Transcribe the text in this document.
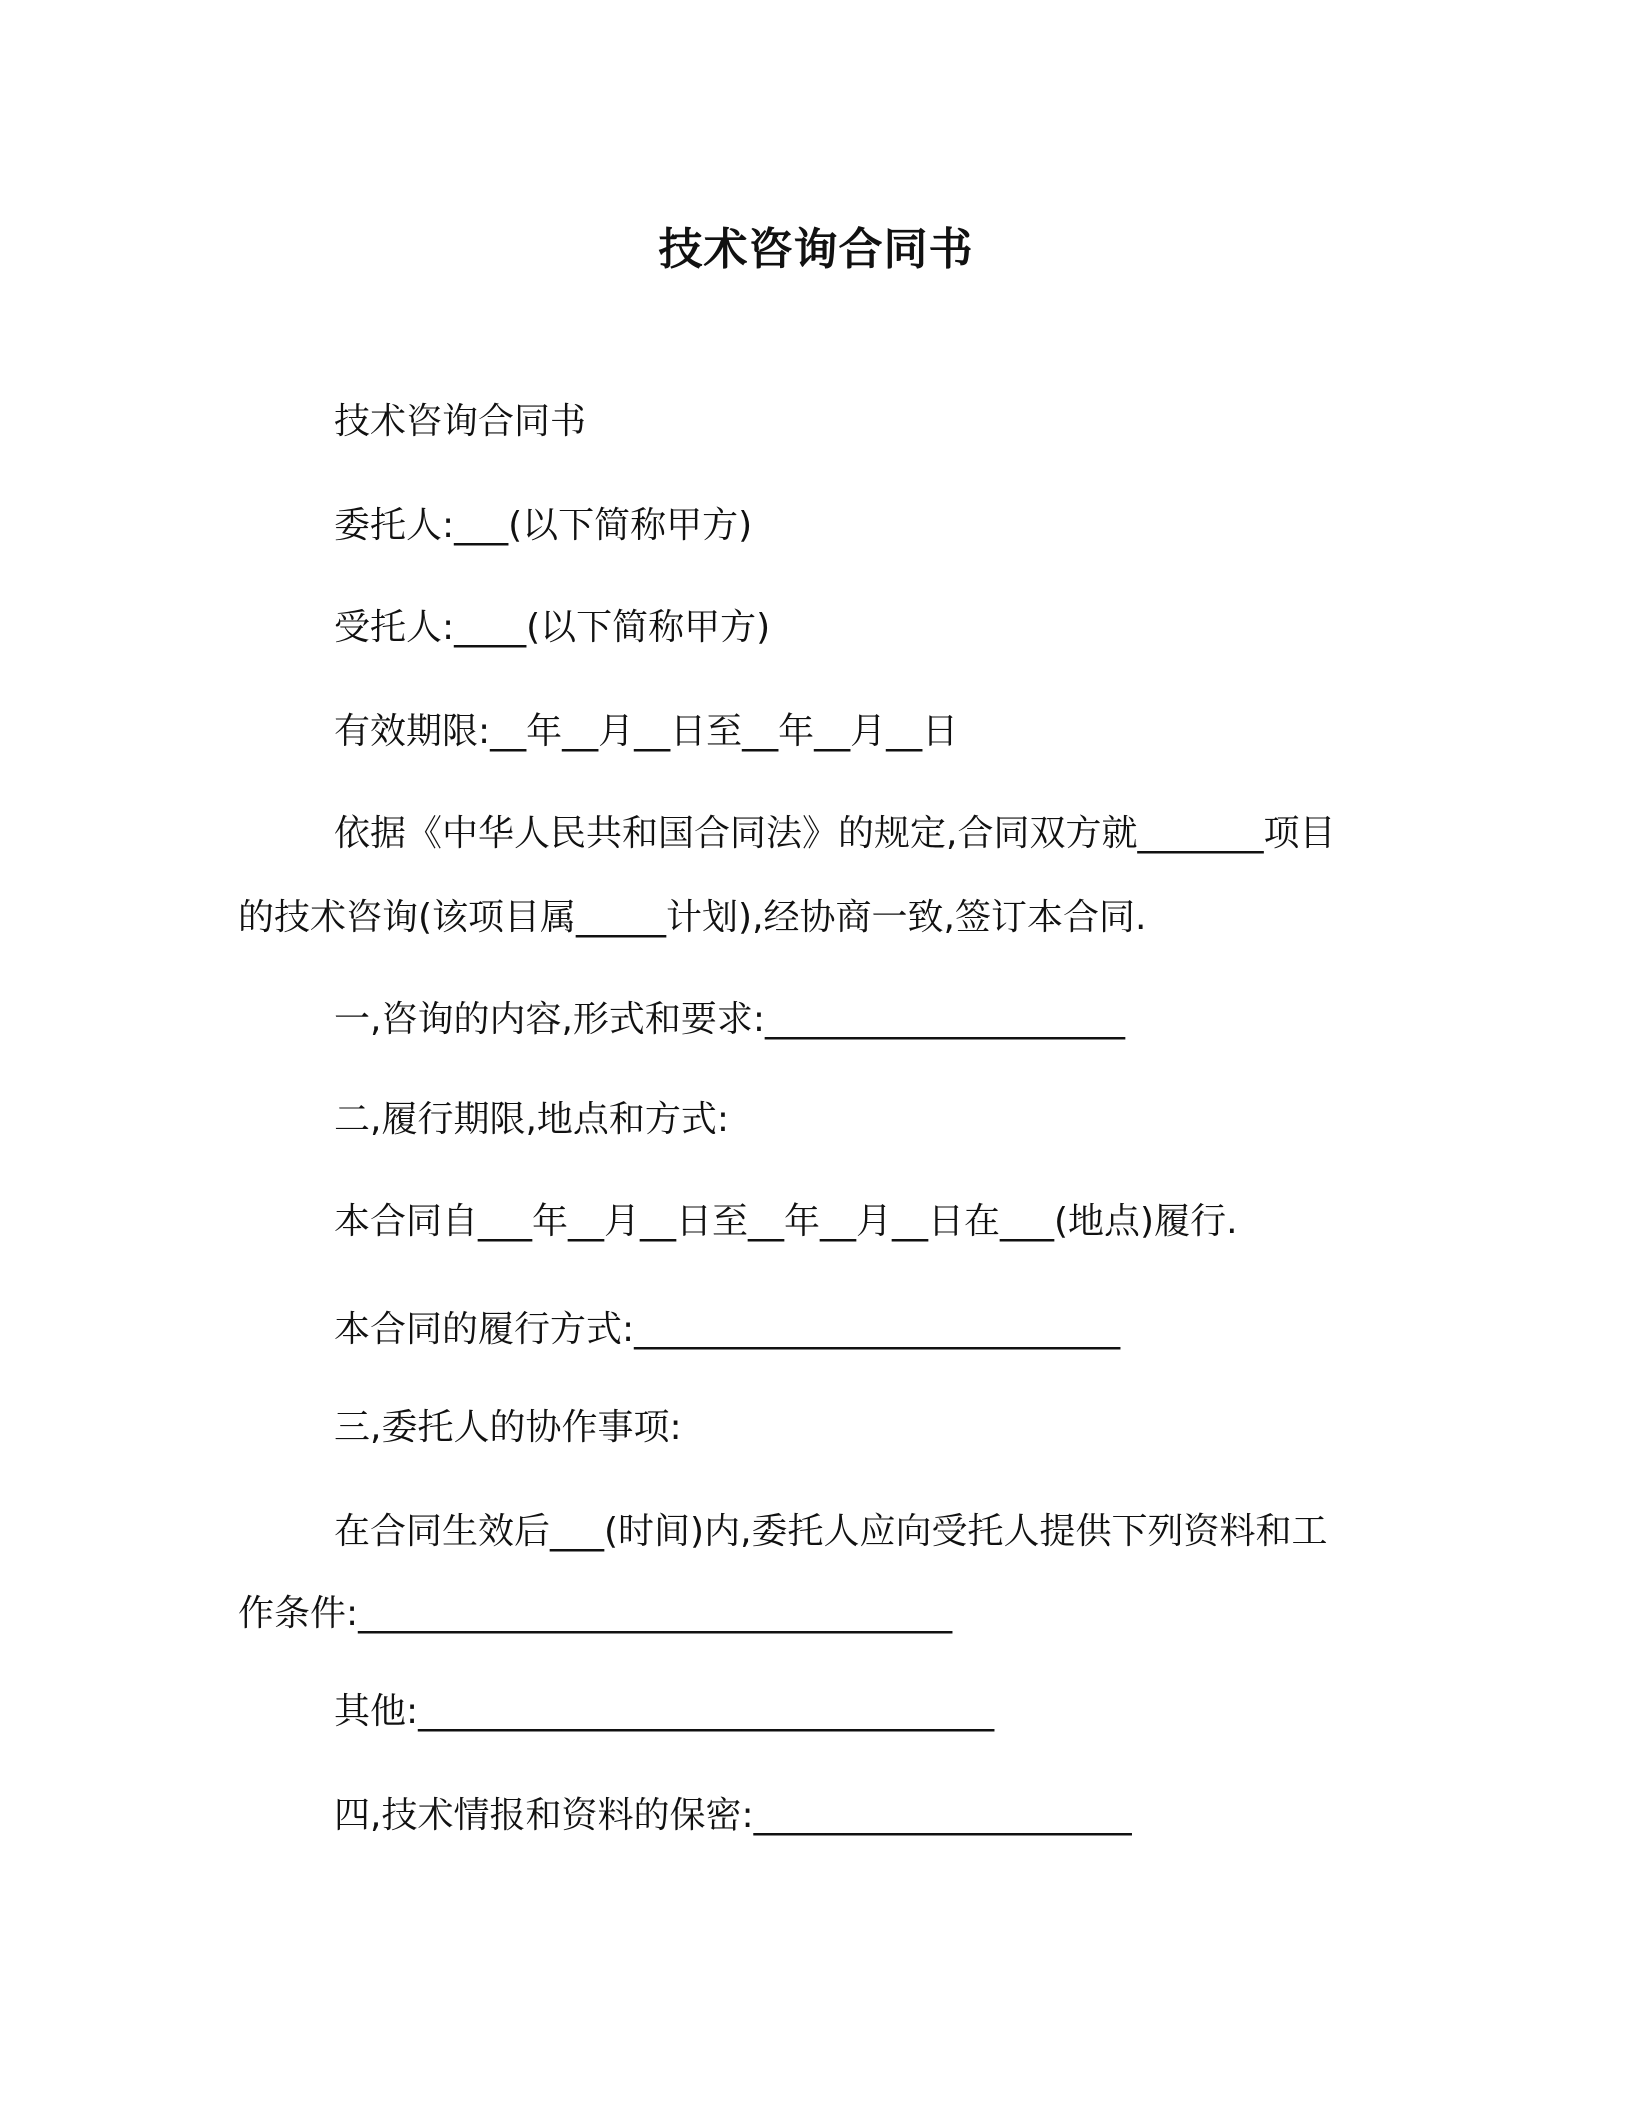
技术咨询合同书
技术咨询合同书
委托人:___(以下简称甲方)
受托人:____(以下简称甲方)
有效期限:__年__月__日至__年__月__日
依据《中华人民共和国合同法》的规定,合同双方就_______项目
的技术咨询(该项目属_____计划),经协商一致,签订本合同.
一,咨询的内容,形式和要求:____________________
二,履行期限,地点和方式:
本合同自___年__月__日至__年__月__日在___(地点)履行.
本合同的履行方式:___________________________
三,委托人的协作事项:
在合同生效后___(时间)内,委托人应向受托人提供下列资料和工
作条件:_________________________________
其他:________________________________
四,技术情报和资料的保密:_____________________
